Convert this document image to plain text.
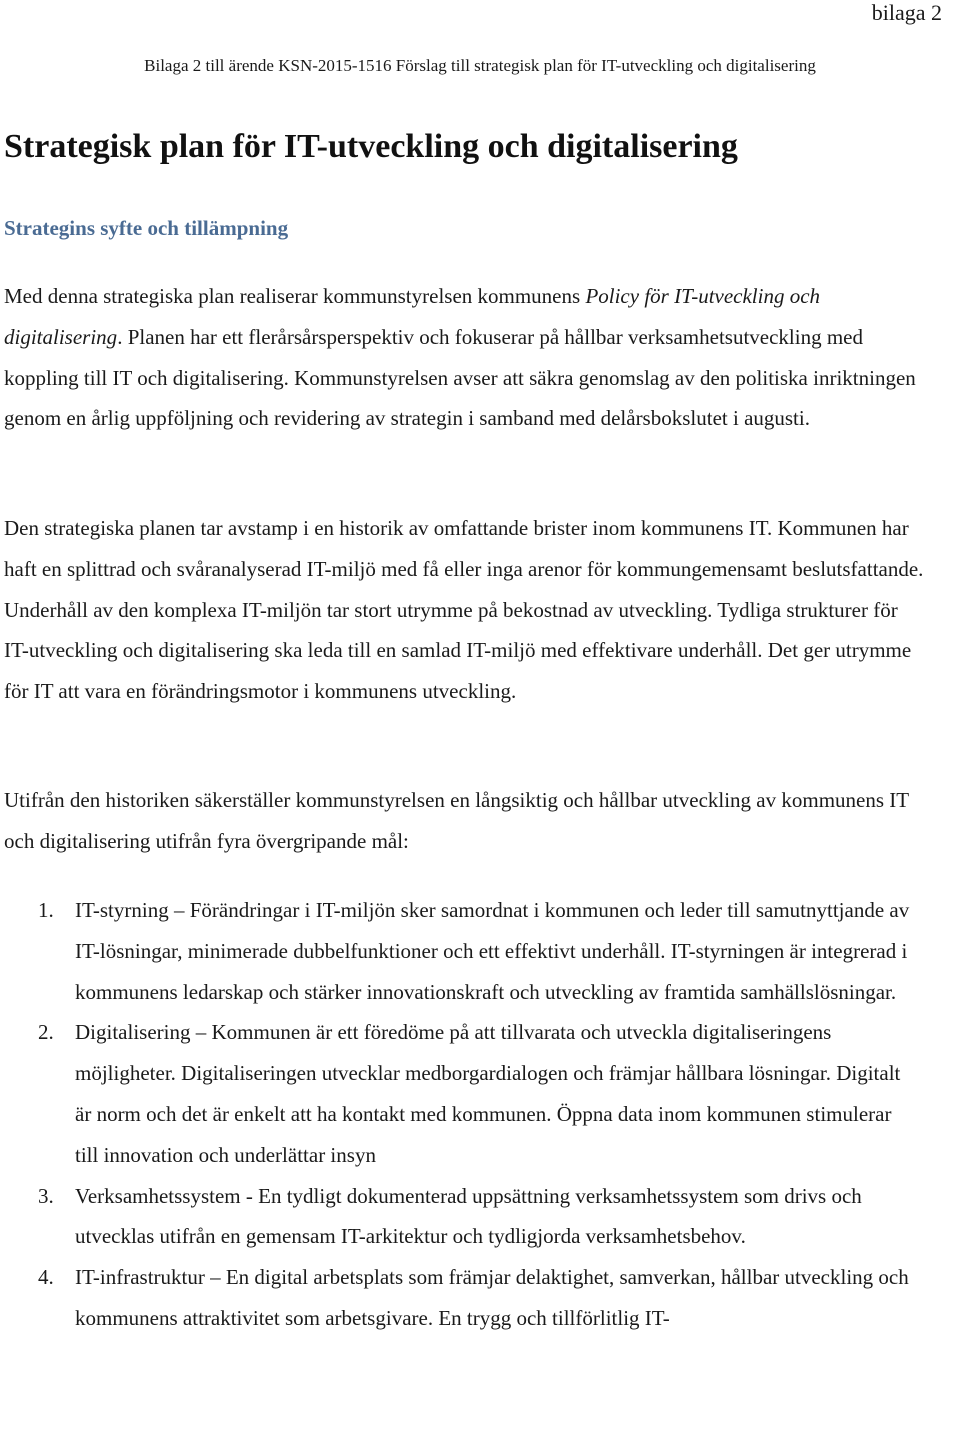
bilaga 2
Bilaga 2 till ärende KSN-2015-1516 Förslag till strategisk plan för IT-utveckling och digitalisering
Strategisk plan för IT-utveckling och digitalisering
Strategins syfte och tillämpning

Med denna strategiska plan realiserar kommunstyrelsen kommunens Policy för IT-utveckling och digitalisering. Planen har ett flerårsårsperspektiv och fokuserar på hållbar verksamhetsutveckling med koppling till IT och digitalisering. Kommunstyrelsen avser att säkra genomslag av den politiska inriktningen genom en årlig uppföljning och revidering av strategin i samband med delårsbokslutet i augusti.

Den strategiska planen tar avstamp i en historik av omfattande brister inom kommunens IT. Kommunen har haft en splittrad och svåranalyserad IT-miljö med få eller inga arenor för kommungemensamt beslutsfattande. Underhåll av den komplexa IT-miljön tar stort utrymme på bekostnad av utveckling. Tydliga strukturer för IT-utveckling och digitalisering ska leda till en samlad IT-miljö med effektivare underhåll. Det ger utrymme för IT att vara en förändringsmotor i kommunens utveckling.

Utifrån den historiken säkerställer kommunstyrelsen en långsiktig och hållbar utveckling av kommunens IT och digitalisering utifrån fyra övergripande mål:

1. IT-styrning – Förändringar i IT-miljön sker samordnat i kommunen och leder till samutnyttjande av IT-lösningar, minimerade dubbelfunktioner och ett effektivt underhåll. IT-styrningen är integrerad i kommunens ledarskap och stärker innovationskraft och utveckling av framtida samhällslösningar.
2. Digitalisering – Kommunen är ett föredöme på att tillvarata och utveckla digitaliseringens möjligheter. Digitaliseringen utvecklar medborgardialogen och främjar hållbara lösningar. Digitalt är norm och det är enkelt att ha kontakt med kommunen. Öppna data inom kommunen stimulerar till innovation och underlättar insyn
3. Verksamhetssystem - En tydligt dokumenterad uppsättning verksamhetssystem som drivs och utvecklas utifrån en gemensam IT-arkitektur och tydligjorda verksamhetsbehov.
4. IT-infrastruktur – En digital arbetsplats som främjar delaktighet, samverkan, hållbar utveckling och kommunens attraktivitet som arbetsgivare. En trygg och tillförlitlig IT-
